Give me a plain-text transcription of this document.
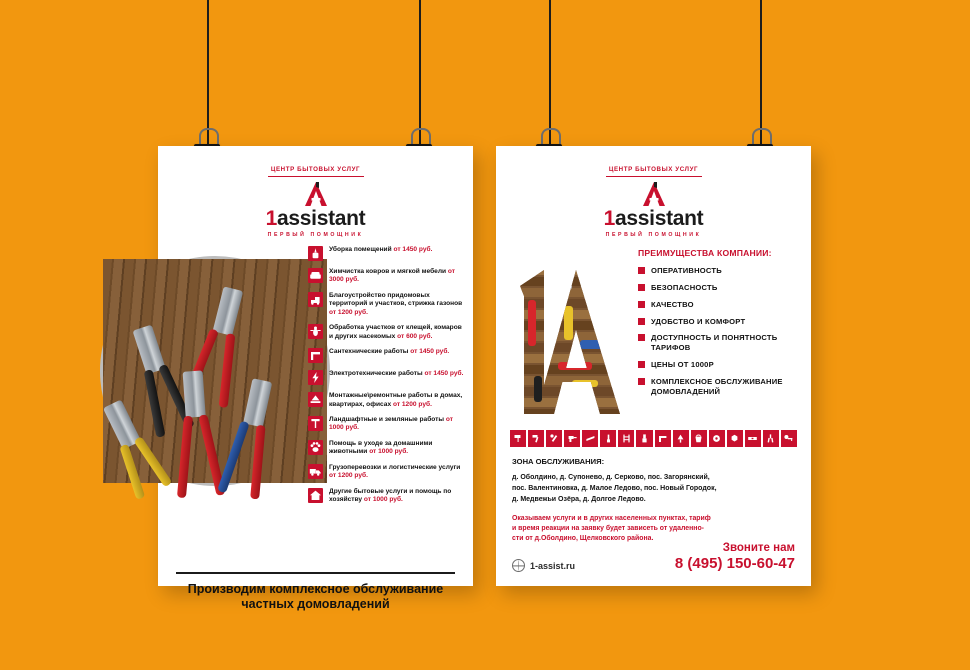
ЦЕНТР БЫТОВЫХ УСЛУГ
1assistant
ПЕРВЫЙ ПОМОЩНИК
Уборка помещений от 1450 руб.
Химчистка ковров и мягкой мебели от 3000 руб.
Благоустройство придомовых территорий и участков, стрижка газонов от 1200 руб.
Обработка участков от клещей, комаров и других насекомых от 600 руб.
Сантехнические работы от 1450 руб.
Электротехнические работы от 1450 руб.
Монтажные\ремонтные работы в домах, квартирах, офисах от 1200 руб.
Ландшафтные и земляные работы от 1000 руб.
Помощь в уходе за домашними животными от 1000 руб.
Грузоперевозки и логистические услуги от 1200 руб.
Другие бытовые услуги и помощь по хозяйству от 1000 руб.
Производим комплексное обслуживание
частных домовладений
ЦЕНТР БЫТОВЫХ УСЛУГ
1assistant
ПЕРВЫЙ ПОМОЩНИК
ПРЕИМУЩЕСТВА КОМПАНИИ:
ОПЕРАТИВНОСТЬ
БЕЗОПАСНОСТЬ
КАЧЕСТВО
УДОБСТВО И КОМФОРТ
ДОСТУПНОСТЬ И ПОНЯТНОСТЬ ТАРИФОВ
ЦЕНЫ ОТ 1000Р
КОМПЛЕКСНОЕ ОБСЛУЖИВАНИЕ ДОМОВЛАДЕНИЙ
ЗОНА ОБСЛУЖИВАНИЯ:
д. Оболдино, д. Супонево, д. Серково, пос. Загорянский,
пос. Валентиновка, д. Малое Ледово, пос. Новый Городок,
д. Медвежьи Озёра, д. Долгое Ледово.
Оказываем услуги и в других населенных пунктах, тариф
и время реакции на заявку будет зависеть от удаленно-
сти от д.Оболдино, Щелковского района.
1-assist.ru
Звоните нам
8 (495) 150-60-47
